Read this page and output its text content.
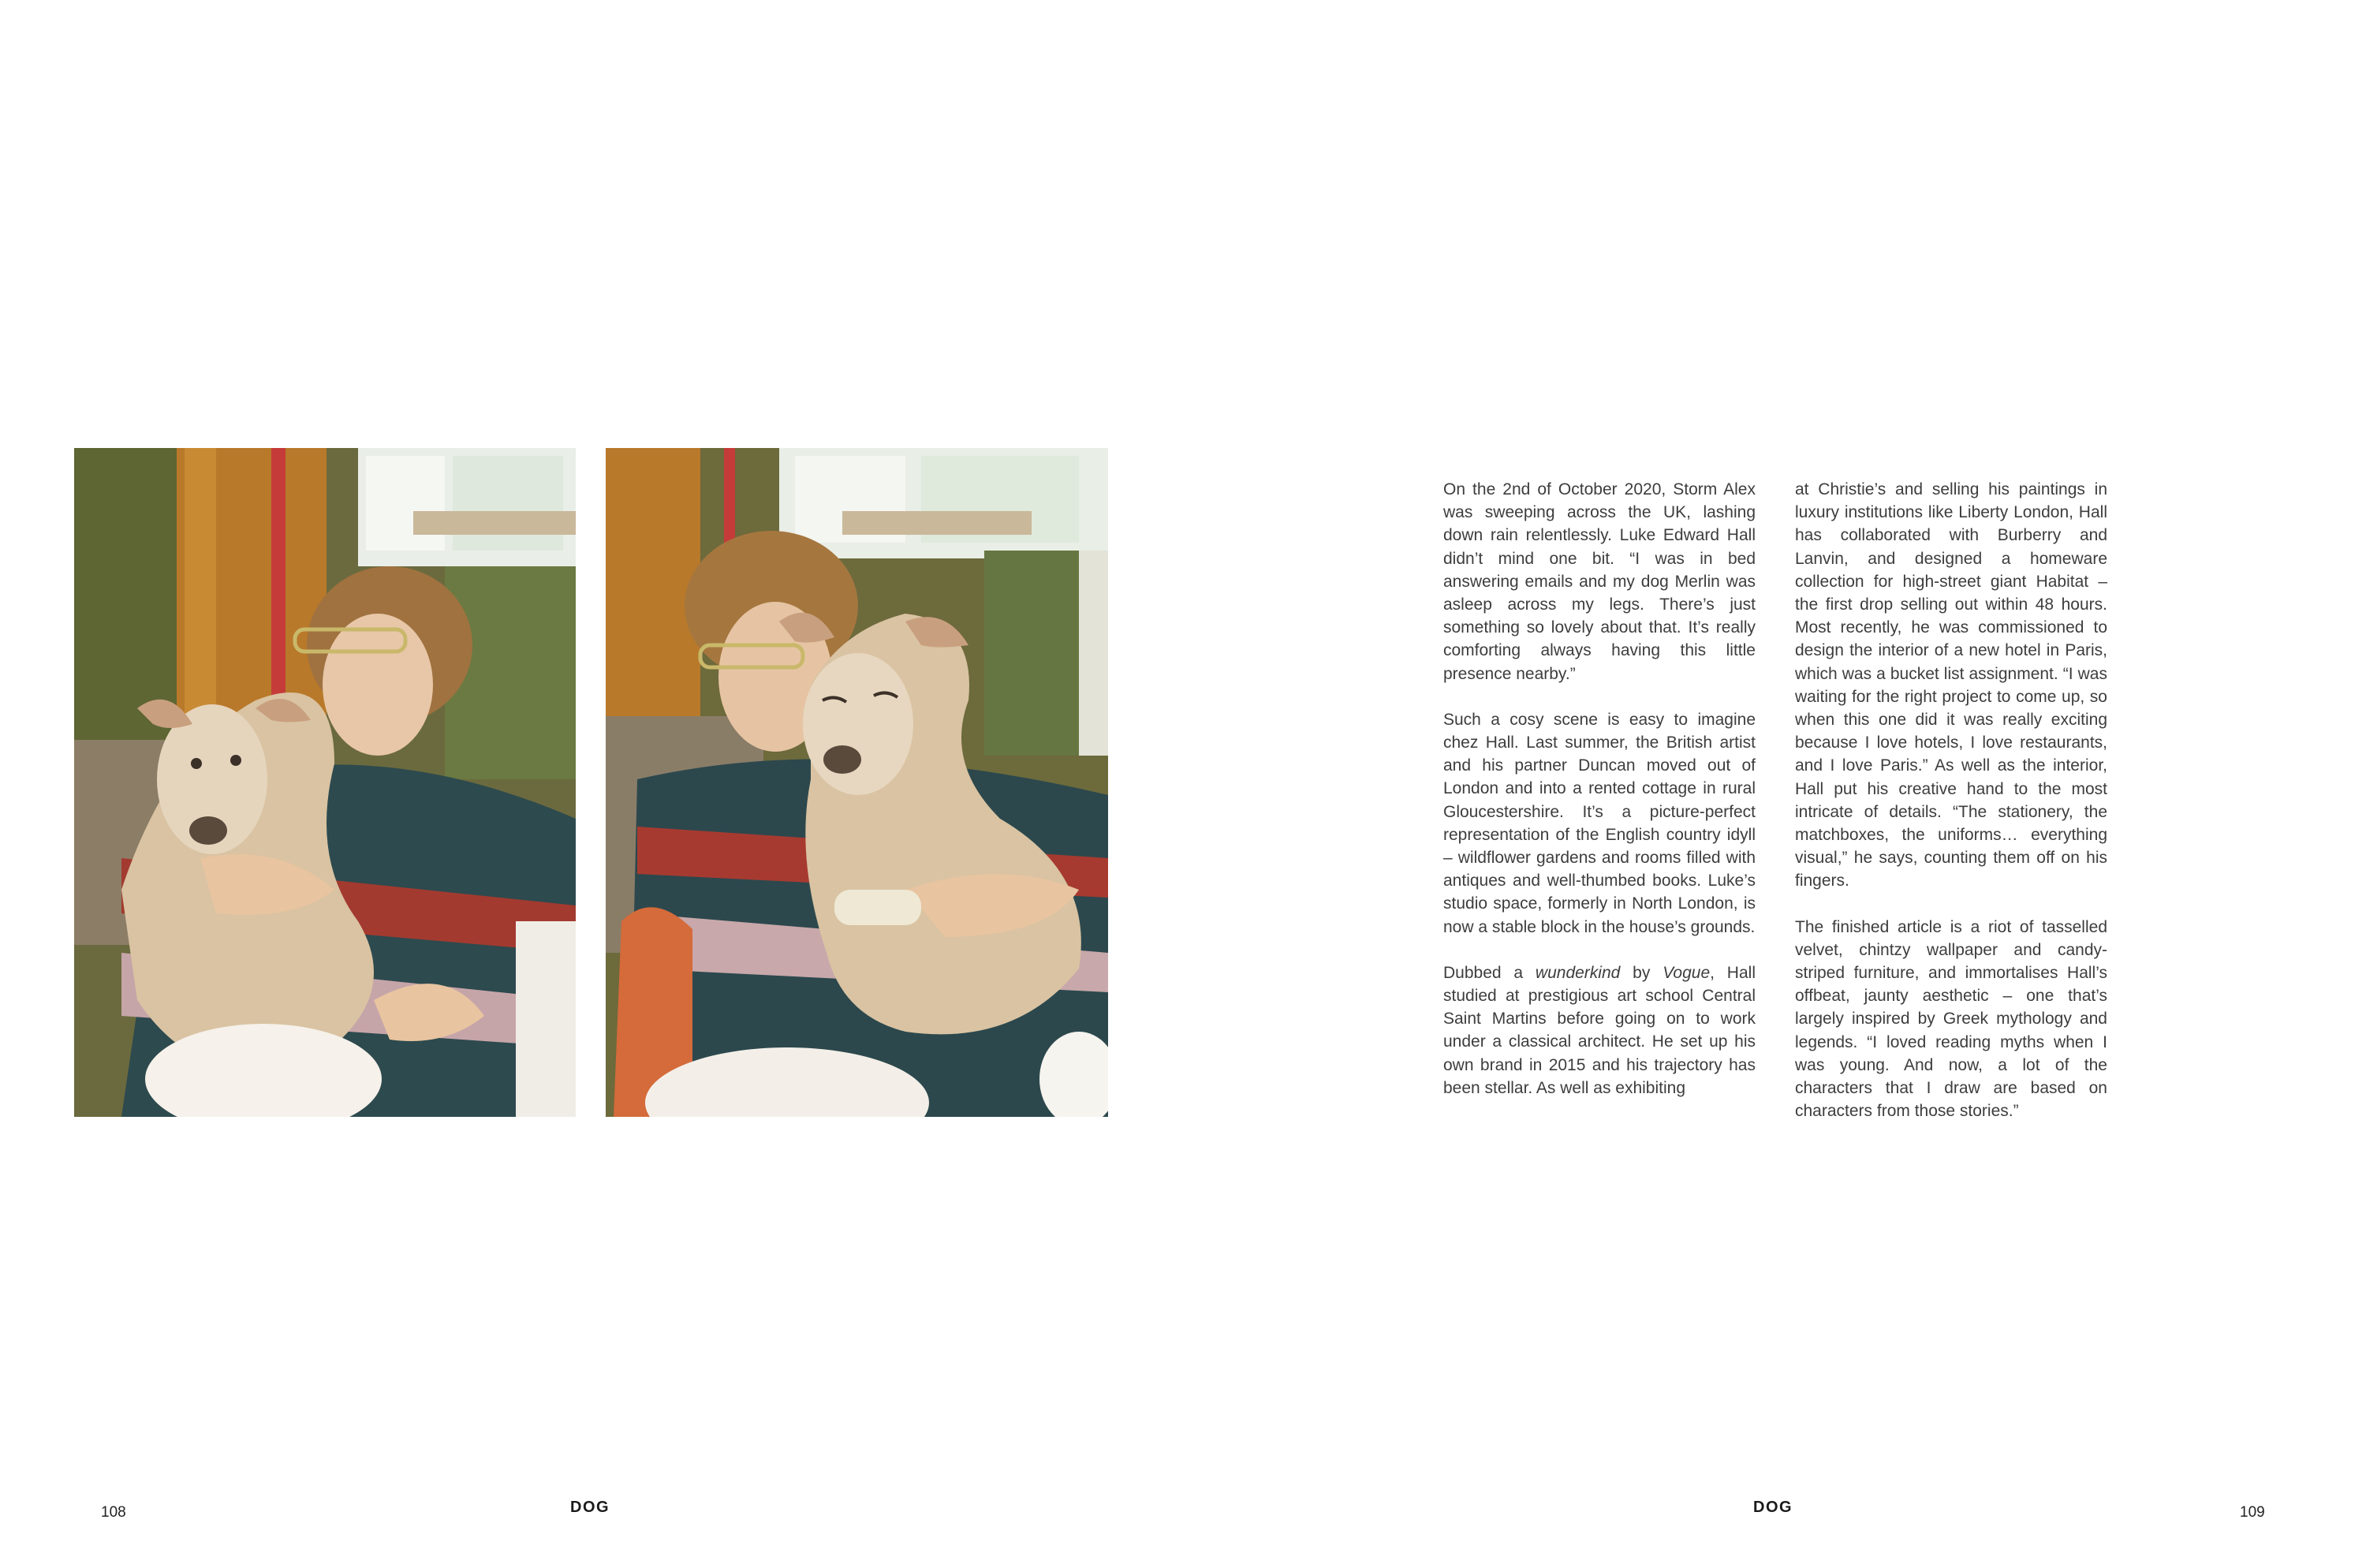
On the 2nd of October 2020, Storm Alex was sweeping across the UK, lashing down rain relentlessly. Luke Edward Hall didn’t mind one bit. “I was in bed answering emails and my dog Merlin was asleep across my legs. There’s just something so lovely about that. It’s really comforting always having this little presence nearby.”

Such a cosy scene is easy to imagine chez Hall. Last summer, the British artist and his partner Duncan moved out of London and into a rented cottage in rural Gloucestershire. It’s a picture-perfect representation of the English country idyll – wildflower gardens and rooms filled with antiques and well-thumbed books. Luke’s studio space, formerly in North London, is now a stable block in the house’s grounds.

Dubbed a wunderkind by Vogue, Hall studied at prestigious art school Central Saint Martins before going on to work under a classical architect. He set up his own brand in 2015 and his trajectory has been stellar. As well as exhibiting

at Christie’s and selling his paintings in luxury institutions like Liberty London, Hall has collaborated with Burberry and Lanvin, and designed a homeware collection for high-street giant Habitat – the first drop selling out within 48 hours. Most recently, he was commissioned to design the interior of a new hotel in Paris, which was a bucket list assignment. “I was waiting for the right project to come up, so when this one did it was really exciting because I love hotels, I love restaurants, and I love Paris.” As well as the interior, Hall put his creative hand to the most intricate of details. “The stationery, the matchboxes, the uniforms… everything visual,” he says, counting them off on his fingers.

The finished article is a riot of tasselled velvet, chintzy wallpaper and candy-striped furniture, and immortalises Hall’s offbeat, jaunty aesthetic – one that’s largely inspired by Greek mythology and legends. “I loved reading myths when I was young. And now, a lot of the characters that I draw are based on characters from those stories.”

108	DOG	DOG	109
